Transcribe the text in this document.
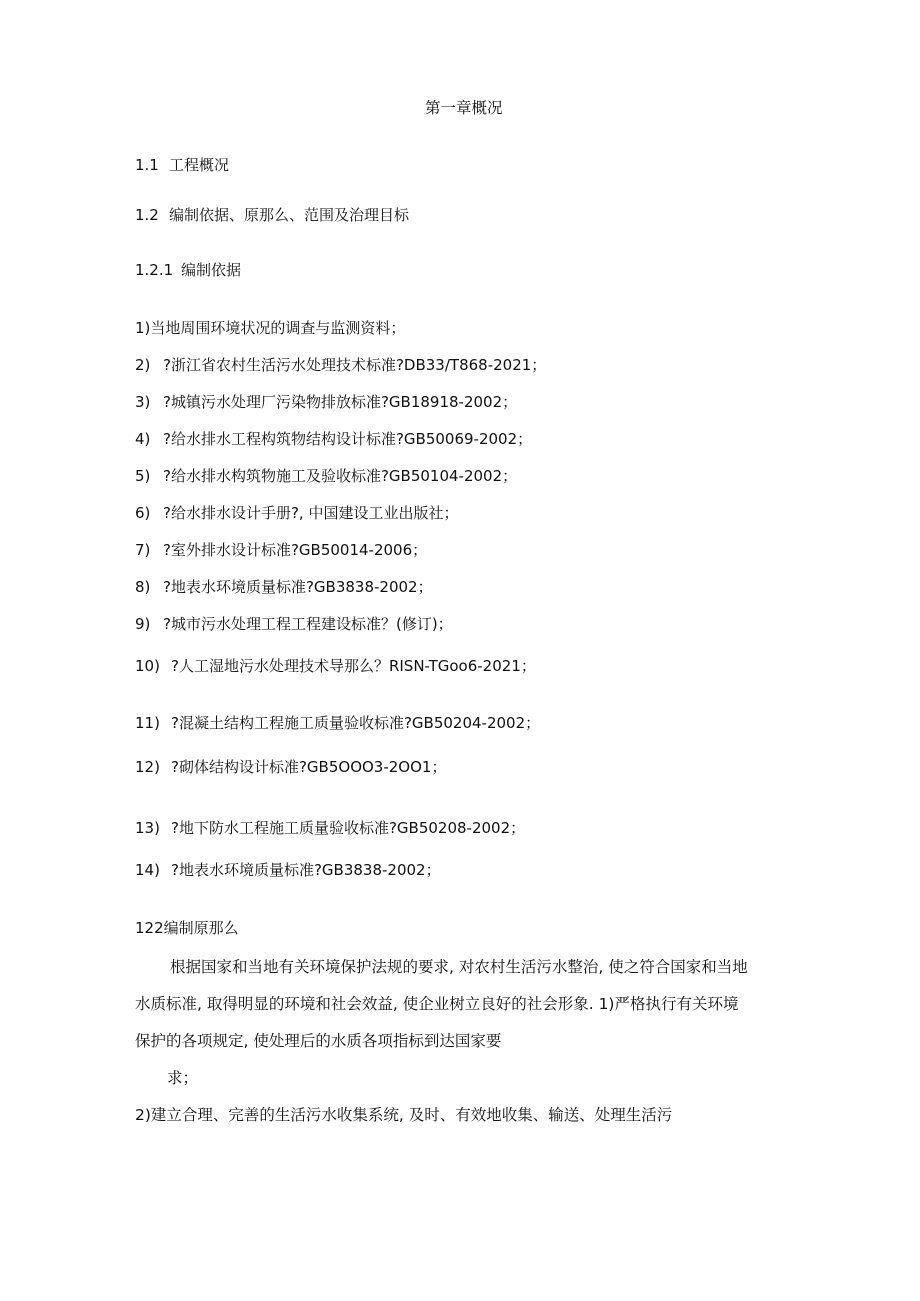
第一章概况
1.1 工程概况
1.2 编制依据、原那么、范围及治理目标
1.2.1 编制依据
1)当地周围环境状况的调查与监测资料；
2) ?浙江省农村生活污水处理技术标准?DB33/T868-2021；
3) ?城镇污水处理厂污染物排放标准?GB18918-2002；
4) ?给水排水工程构筑物结构设计标准?GB50069-2002；
5) ?给水排水构筑物施工及验收标准?GB50104-2002；
6) ?给水排水设计手册?, 中国建设工业出版社；
7) ?室外排水设计标准?GB50014-2006；
8) ?地表水环境质量标准?GB3838-2002；
9) ?城市污水处理工程工程建设标准？(修订)；
10) ?人工湿地污水处理技术导那么？RISN-TGoo6-2021；
11) ?混凝土结构工程施工质量验收标准?GB50204-2002；
12) ?砌体结构设计标准?GB5OOO3-2OO1；
13) ?地下防水工程施工质量验收标准?GB50208-2002；
14) ?地表水环境质量标准?GB3838-2002；
122编制原那么
根据国家和当地有关环境保护法规的要求, 对农村生活污水整治, 使之符合国家和当地
水质标准, 取得明显的环境和社会效益, 使企业树立良好的社会形象. 1)严格执行有关环境
保护的各项规定, 使处理后的水质各项指标到达国家要
求；
2)建立合理、完善的生活污水收集系统, 及时、有效地收集、输送、处理生活污
